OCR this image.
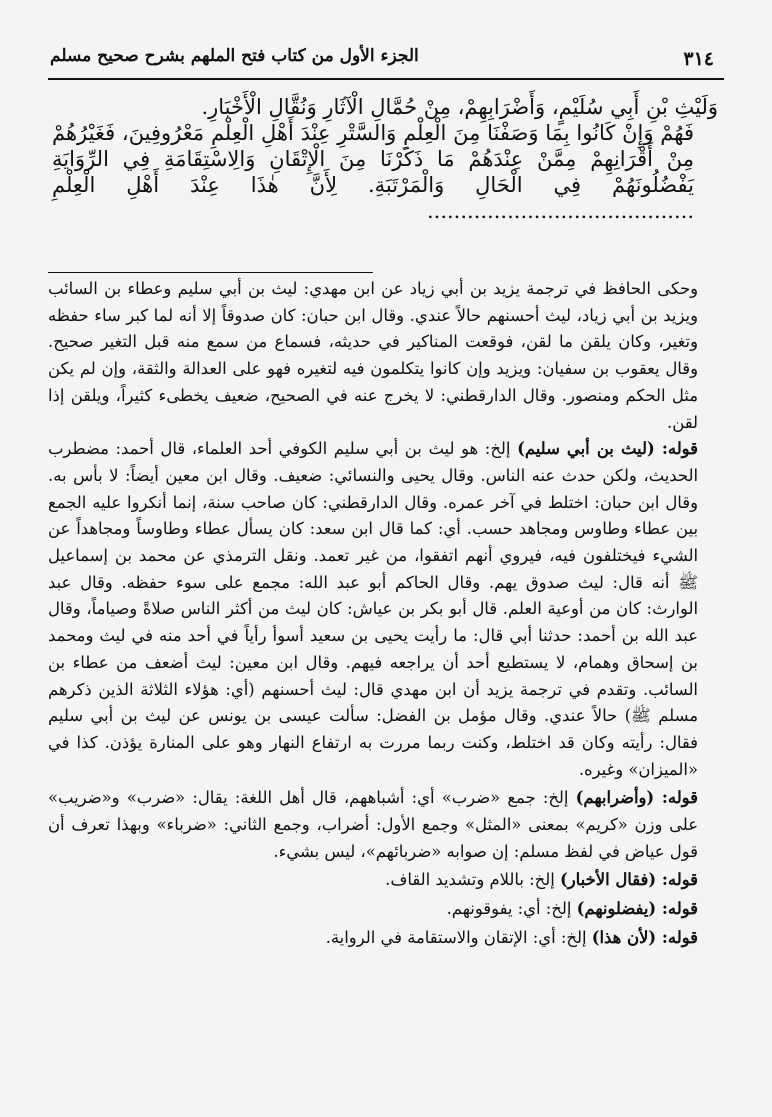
الجزء الأول من كتاب فتح الملهم بشرح صحيح مسلم	٣١٤

وَلَيْثِ بْنِ أَبِي سُلَيْمٍ، وَأَضْرَابِهِمْ، مِنْ حُمَّالِ الْآثَارِ وَنُقَّالِ الْأَخْبَارِ.

فَهُمْ وَإِنْ كَانُوا بِمَا وَصَفْنَا مِنَ الْعِلْمِ وَالسَّتْرِ عِنْدَ أَهْلِ الْعِلْمِ مَعْرُوفِينَ، فَغَيْرُهُمْ مِنْ أَقْرَانِهِمْ مِمَّنْ عِنْدَهُمْ مَا ذَكَرْنَا مِنَ الْإِتْقَانِ وَالِاسْتِقَامَةِ فِي الرِّوَايَةِ يَفْضُلُونَهُمْ فِي الْحَالِ وَالْمَرْتَبَةِ. لِأَنَّ هٰذَا عِنْدَ أَهْلِ الْعِلْمِ ........................................

وحكى الحافظ في ترجمة يزيد بن أبي زياد عن ابن مهدي: ليث بن أبي سليم وعطاء بن السائب ويزيد بن أبي زياد، ليث أحسنهم حالاً عندي. وقال ابن حبان: كان صدوقاً إلا أنه لما كبر ساء حفظه وتغير، وكان يلقن ما لقن، فوقعت المناكير في حديثه، فسماع من سمع منه قبل التغير صحيح. وقال يعقوب بن سفيان: ويزيد وإن كانوا يتكلمون فيه لتغيره فهو على العدالة والثقة، وإن لم يكن مثل الحكم ومنصور. وقال الدارقطني: لا يخرج عنه في الصحيح، ضعيف يخطىء كثيراً، ويلقن إذا لقن.

قوله: (ليث بن أبي سليم) إلخ: هو ليث بن أبي سليم الكوفي أحد العلماء، قال أحمد: مضطرب الحديث، ولكن حدث عنه الناس. وقال يحيى والنسائي: ضعيف. وقال ابن معين أيضاً: لا بأس به. وقال ابن حبان: اختلط في آخر عمره. وقال الدارقطني: كان صاحب سنة، إنما أنكروا عليه الجمع بين عطاء وطاوس ومجاهد حسب. أي: كما قال ابن سعد: كان يسأل عطاء وطاوساً ومجاهداً عن الشيء فيختلفون فيه، فيروي أنهم اتفقوا، من غير تعمد. ونقل الترمذي عن محمد بن إسماعيل ﷺ أنه قال: ليث صدوق يهم. وقال الحاكم أبو عبد الله: مجمع على سوء حفظه. وقال عبد الوارث: كان من أوعية العلم. قال أبو بكر بن عياش: كان ليث من أكثر الناس صلاةً وصياماً، وقال عبد الله بن أحمد: حدثنا أبي قال: ما رأيت يحيى بن سعيد أسوأ رأياً في أحد منه في ليث ومحمد بن إسحاق وهمام، لا يستطيع أحد أن يراجعه فيهم. وقال ابن معين: ليث أضعف من عطاء بن السائب. وتقدم في ترجمة يزيد أن ابن مهدي قال: ليث أحسنهم (أي: هؤلاء الثلاثة الذين ذكرهم مسلم ﷺ) حالاً عندي. وقال مؤمل بن الفضل: سألت عيسى بن يونس عن ليث بن أبي سليم فقال: رأيته وكان قد اختلط، وكنت ربما مررت به ارتفاع النهار وهو على المنارة يؤذن. كذا في «الميزان» وغيره.

قوله: (وأضرابهم) إلخ: جمع «ضرب» أي: أشباههم، قال أهل اللغة: يقال: «ضرب» و«ضريب» على وزن «كريم» بمعنى «المثل» وجمع الأول: أضراب، وجمع الثاني: «ضرباء» وبهذا تعرف أن قول عياض في لفظ مسلم: إن صوابه «ضربائهم»، ليس بشيء.

قوله: (فقال الأخبار) إلخ: باللام وتشديد القاف.

قوله: (يفضلونهم) إلخ: أي: يفوقونهم.

قوله: (لأن هذا) إلخ: أي: الإتقان والاستقامة في الرواية.
